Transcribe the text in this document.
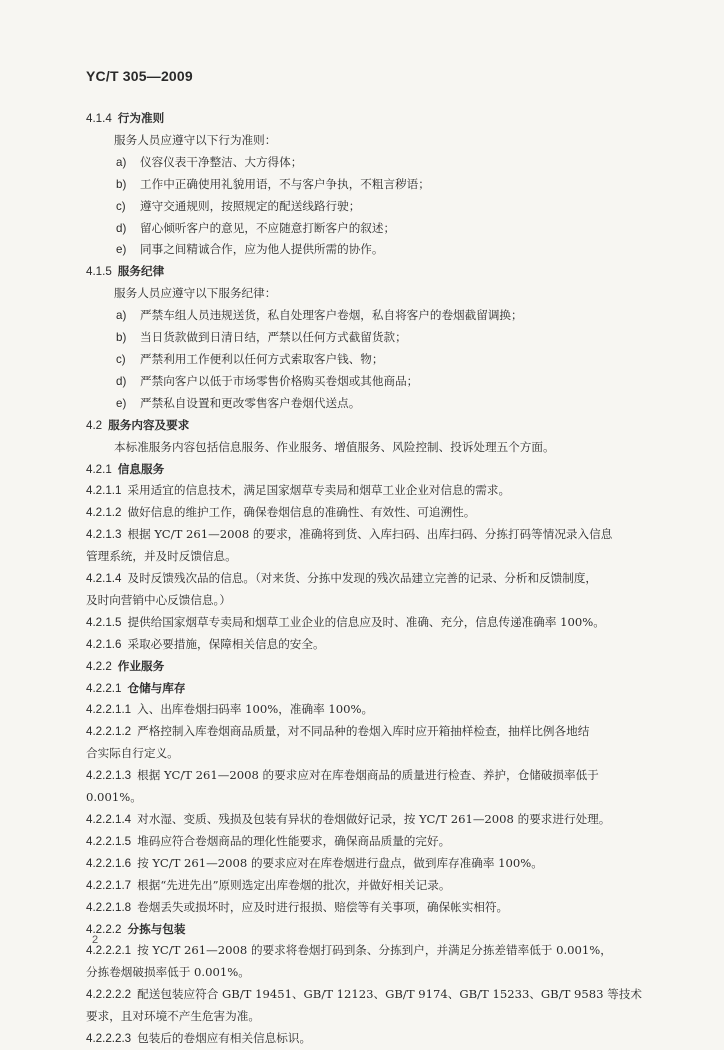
YC/T 305—2009
4.1.4 行为准则
服务人员应遵守以下行为准则：
a) 仪容仪表干净整洁、大方得体；
b) 工作中正确使用礼貌用语，不与客户争执，不粗言秽语；
c) 遵守交通规则，按照规定的配送线路行驶；
d) 留心倾听客户的意见，不应随意打断客户的叙述；
e) 同事之间精诚合作，应为他人提供所需的协作。
4.1.5 服务纪律
服务人员应遵守以下服务纪律：
a) 严禁车组人员违规送货，私自处理客户卷烟，私自将客户的卷烟截留调换；
b) 当日货款做到日清日结，严禁以任何方式截留货款；
c) 严禁利用工作便利以任何方式索取客户钱、物；
d) 严禁向客户以低于市场零售价格购买卷烟或其他商品；
e) 严禁私自设置和更改零售客户卷烟代送点。
4.2 服务内容及要求
本标准服务内容包括信息服务、作业服务、增值服务、风险控制、投诉处理五个方面。
4.2.1 信息服务
4.2.1.1 采用适宜的信息技术，满足国家烟草专卖局和烟草工业企业对信息的需求。
4.2.1.2 做好信息的维护工作，确保卷烟信息的准确性、有效性、可追溯性。
4.2.1.3 根据 YC/T 261—2008 的要求，准确将到货、入库扫码、出库扫码、分拣打码等情况录入信息
管理系统，并及时反馈信息。
4.2.1.4 及时反馈残次品的信息。（对来货、分拣中发现的残次品建立完善的记录、分析和反馈制度，
及时向营销中心反馈信息。）
4.2.1.5 提供给国家烟草专卖局和烟草工业企业的信息应及时、准确、充分，信息传递准确率 100%。
4.2.1.6 采取必要措施，保障相关信息的安全。
4.2.2 作业服务
4.2.2.1 仓储与库存
4.2.2.1.1 入、出库卷烟扫码率 100%，准确率 100%。
4.2.2.1.2 严格控制入库卷烟商品质量，对不同品种的卷烟入库时应开箱抽样检查，抽样比例各地结
合实际自行定义。
4.2.2.1.3 根据 YC/T 261—2008 的要求应对在库卷烟商品的质量进行检查、养护，仓储破损率低于
0.001%。
4.2.2.1.4 对水湿、变质、残损及包装有异状的卷烟做好记录，按 YC/T 261—2008 的要求进行处理。
4.2.2.1.5 堆码应符合卷烟商品的理化性能要求，确保商品质量的完好。
4.2.2.1.6 按 YC/T 261—2008 的要求应对在库卷烟进行盘点，做到库存准确率 100%。
4.2.2.1.7 根据“先进先出”原则选定出库卷烟的批次，并做好相关记录。
4.2.2.1.8 卷烟丢失或损坏时，应及时进行报损、赔偿等有关事项，确保帐实相符。
4.2.2.2 分拣与包装
4.2.2.2.1 按 YC/T 261—2008 的要求将卷烟打码到条、分拣到户，并满足分拣差错率低于 0.001%，
分拣卷烟破损率低于 0.001%。
4.2.2.2.2 配送包装应符合 GB/T 19451、GB/T 12123、GB/T 9174、GB/T 15233、GB/T 9583 等技术
要求，且对环境不产生危害为准。
4.2.2.2.3 包装后的卷烟应有相关信息标识。
2
